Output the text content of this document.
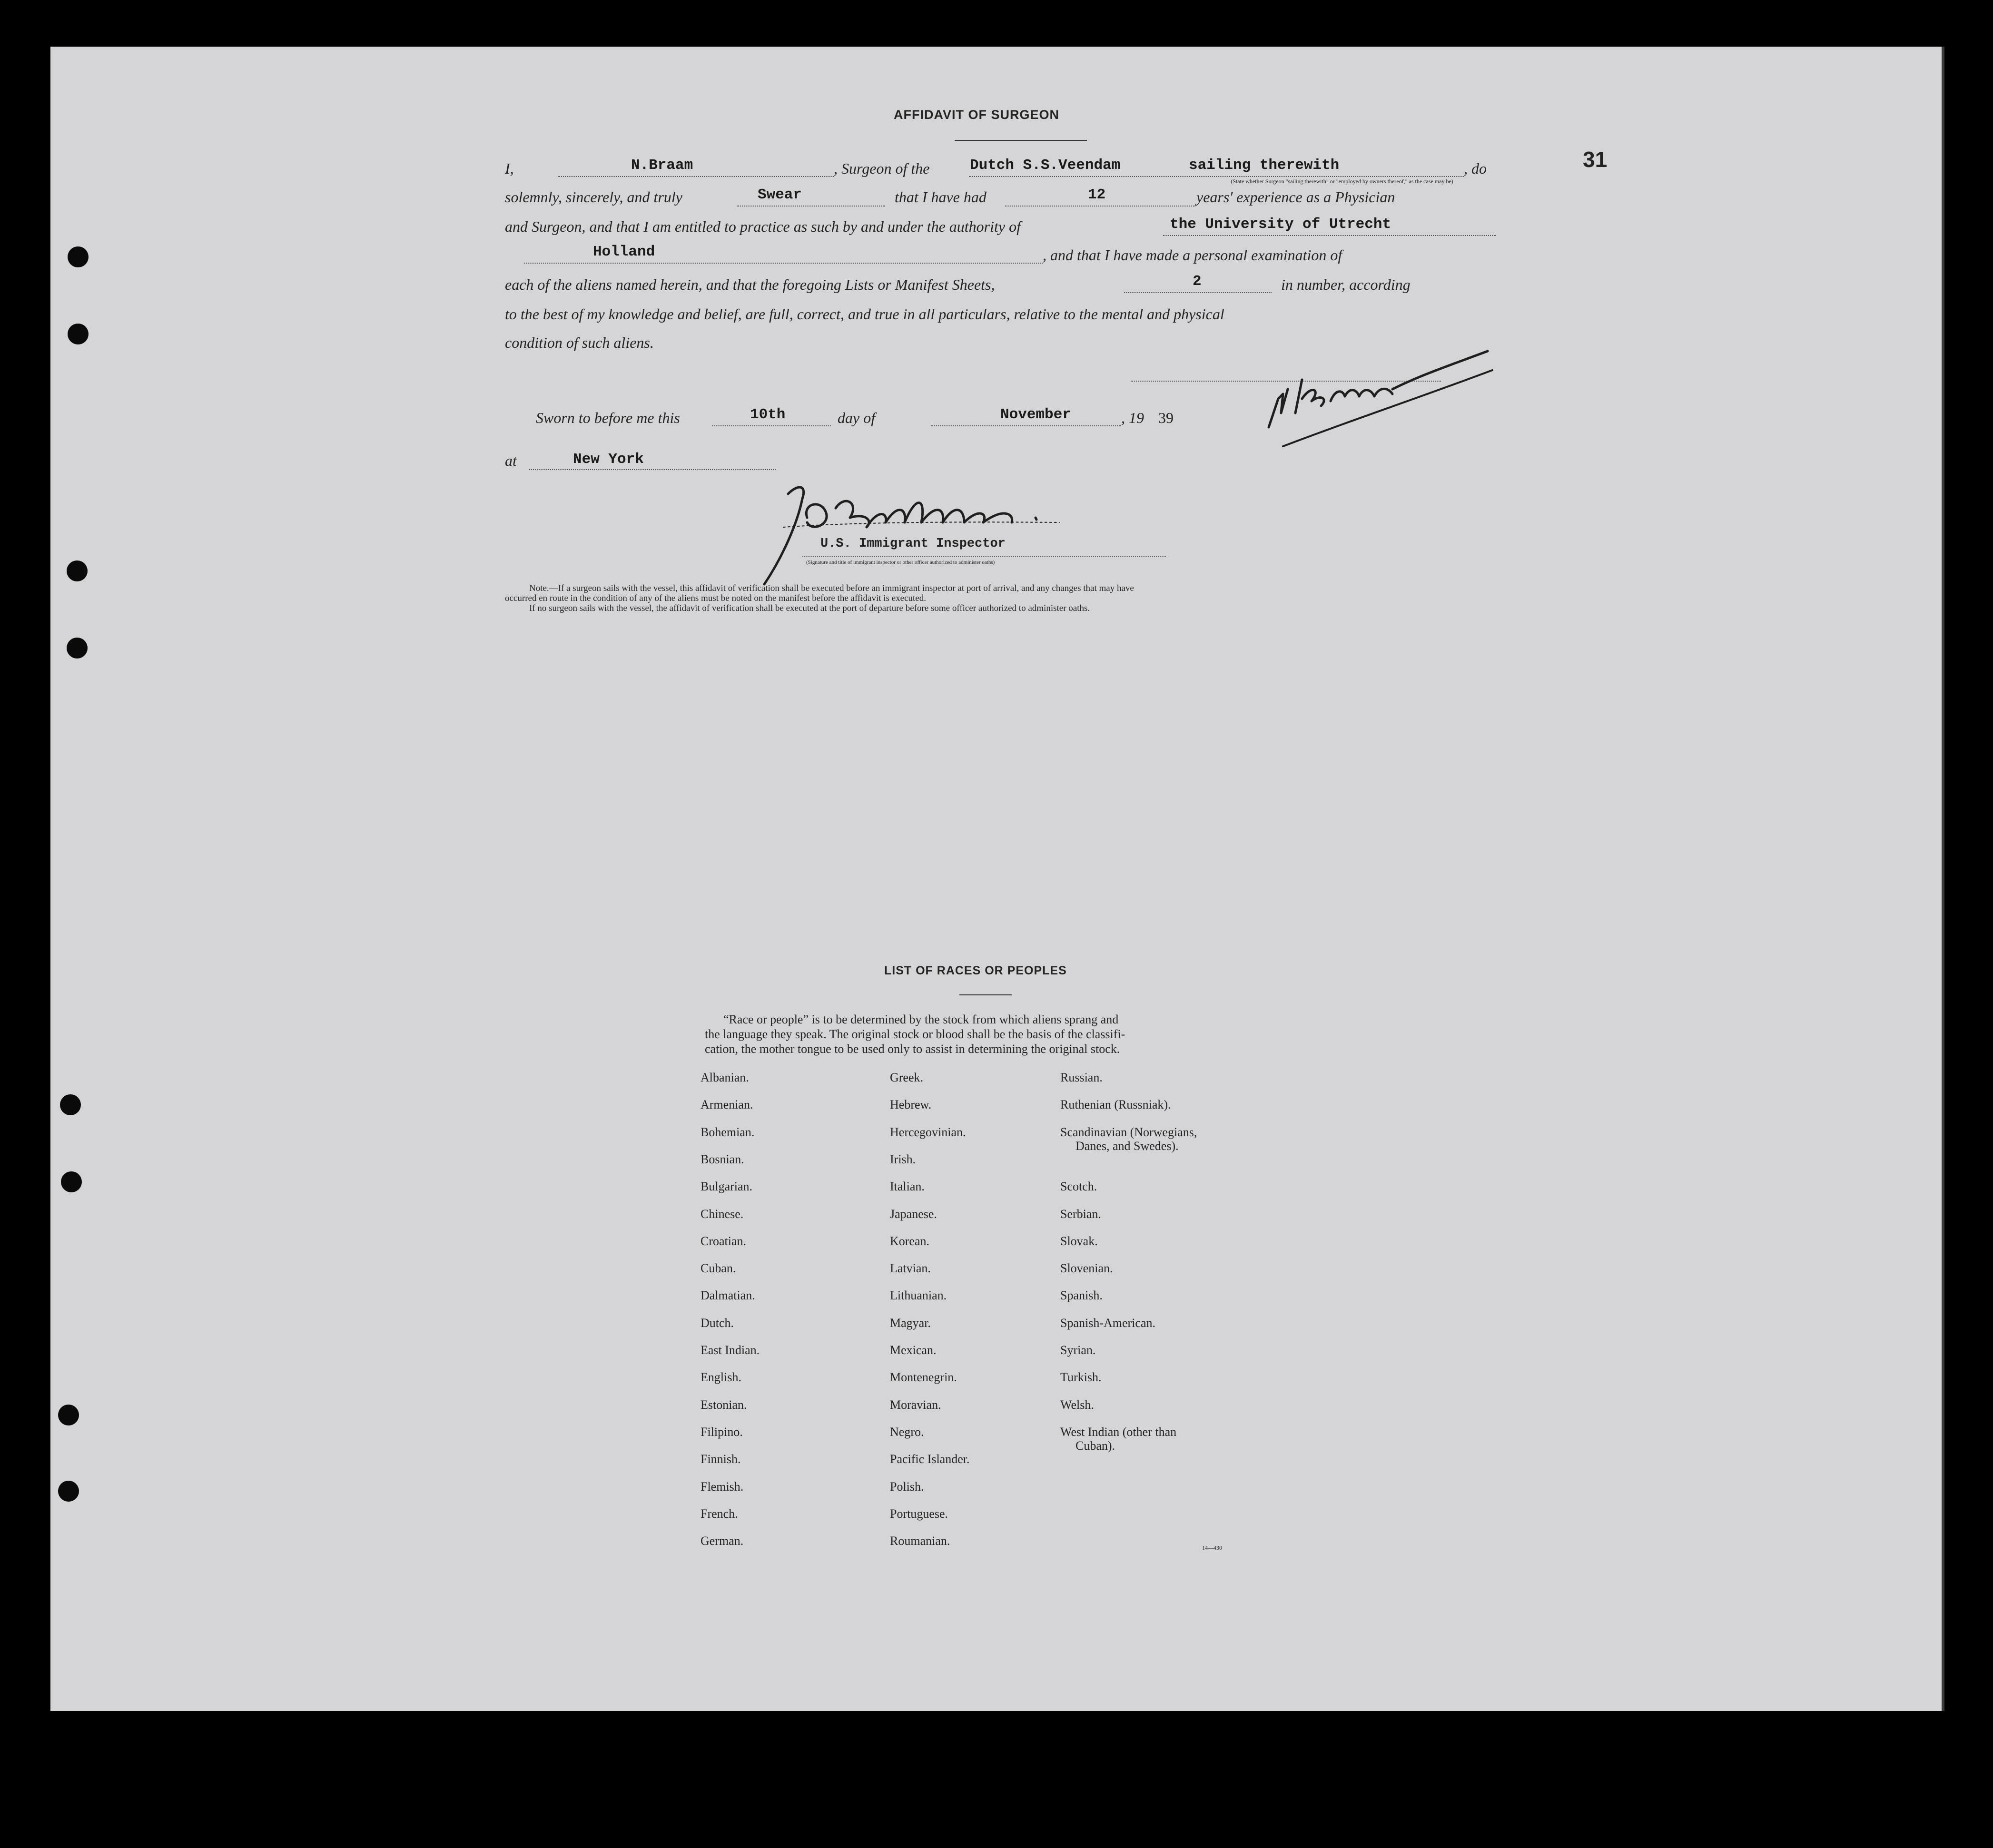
31
AFFIDAVIT OF SURGEON
I,	N.Braam	, Surgeon of the	Dutch S.S.Veendam	sailing therewith	, do
(State whether Surgeon "sailing therewith" or "employed by owners thereof," as the case may be)
solemnly, sincerely, and truly	Swear	that I have had	12	years' experience as a Physician
and Surgeon, and that I am entitled to practice as such by and under the authority of	the University of Utrecht
Holland	, and that I have made a personal examination of
each of the aliens named herein, and that the foregoing Lists or Manifest Sheets,	2	in number, according
to the best of my knowledge and belief, are full, correct, and true in all particulars, relative to the mental and physical
condition of such aliens.
Sworn to before me this	10th	day of	November	, 19 39
at	New York
U.S. Immigrant Inspector
(Signature and title of immigrant inspector or other officer authorized to administer oaths)
Note.—If a surgeon sails with the vessel, this affidavit of verification shall be executed before an immigrant inspector at port of arrival, and any changes that may have
occurred en route in the condition of any of the aliens must be noted on the manifest before the affidavit is executed.
If no surgeon sails with the vessel, the affidavit of verification shall be executed at the port of departure before some officer authorized to administer oaths.
LIST OF RACES OR PEOPLES
“Race or people” is to be determined by the stock from which aliens sprang and
the language they speak. The original stock or blood shall be the basis of the classifi-
cation, the mother tongue to be used only to assist in determining the original stock.
Albanian.
Armenian.
Bohemian.
Bosnian.
Bulgarian.
Chinese.
Croatian.
Cuban.
Dalmatian.
Dutch.
East Indian.
English.
Estonian.
Filipino.
Finnish.
Flemish.
French.
German.
Greek.
Hebrew.
Hercegovinian.
Irish.
Italian.
Japanese.
Korean.
Latvian.
Lithuanian.
Magyar.
Mexican.
Montenegrin.
Moravian.
Negro.
Pacific Islander.
Polish.
Portuguese.
Roumanian.
Russian.
Ruthenian (Russniak).
Scandinavian (Norwegians,
Danes, and Swedes).
Scotch.
Serbian.
Slovak.
Slovenian.
Spanish.
Spanish-American.
Syrian.
Turkish.
Welsh.
West Indian (other than
Cuban).
14—430
